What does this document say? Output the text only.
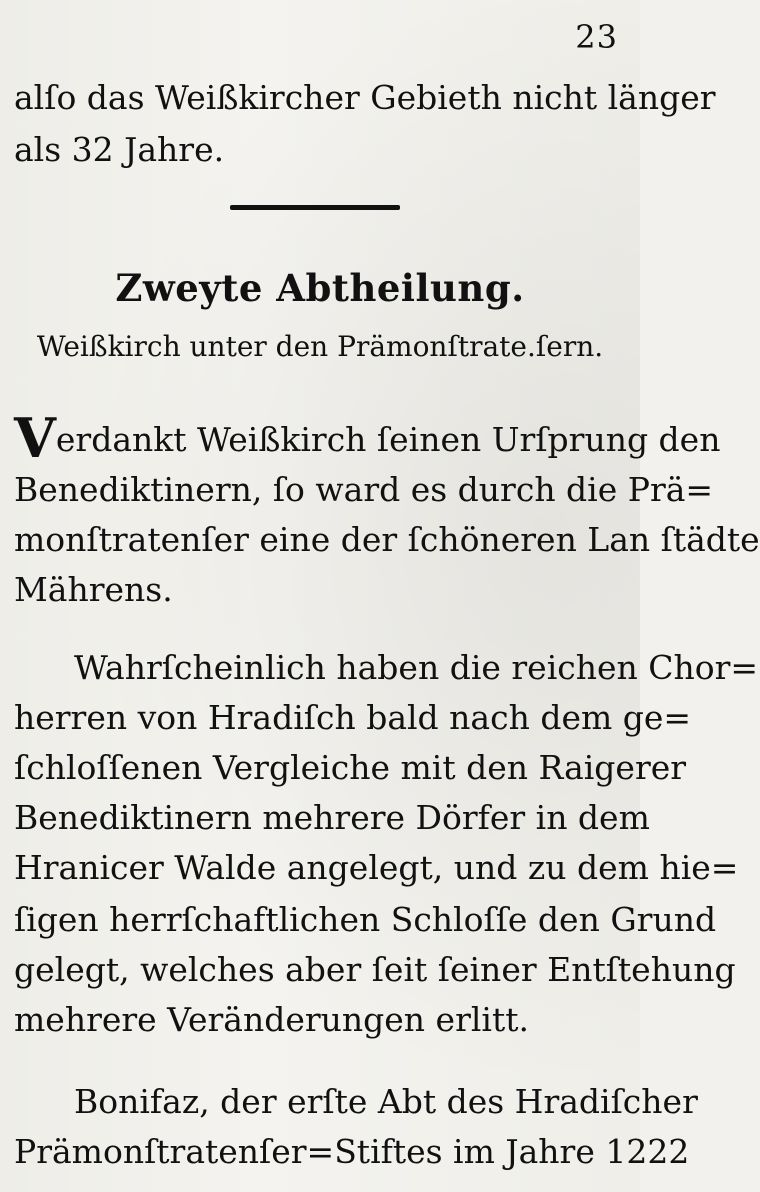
23
alſo das Weißkircher Gebieth nicht länger
als 32 Jahre.
Zweyte Abtheilung.
Weißkirch unter den Prämonſtrate.ſern.
Verdankt Weißkirch ſeinen Urſprung den
Benediktinern, ſo ward es durch die Prä=
monſtratenſer eine der ſchöneren Lan ſtädte
Mährens.
Wahrſcheinlich haben die reichen Chor=
herren von Hradiſch bald nach dem ge=
ſchloſſenen Vergleiche mit den Raigerer
Benediktinern mehrere Dörfer in dem
Hranicer Walde angelegt, und zu dem hie=
ſigen herrſchaftlichen Schloſſe den Grund
gelegt, welches aber ſeit ſeiner Entſtehung
mehrere Veränderungen erlitt.
Bonifaz, der erſte Abt des Hradiſcher
Prämonſtratenſer=Stiftes im Jahre 1222
